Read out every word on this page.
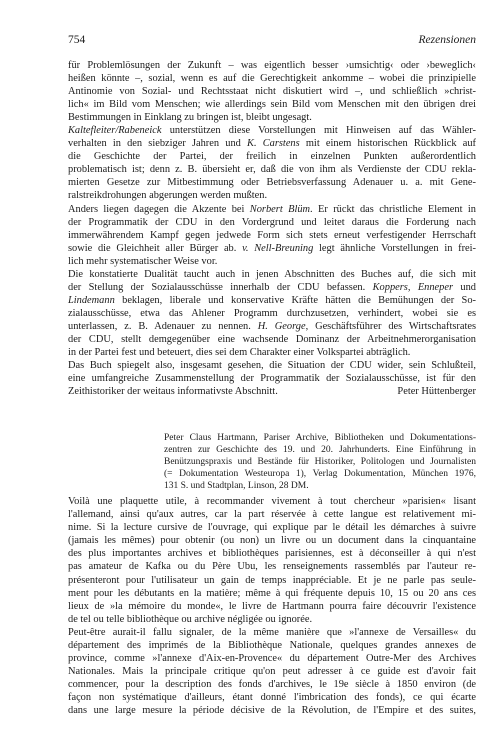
754	Rezensionen

für Problemlösungen der Zukunft – was eigentlich besser ›umsichtig‹ oder ›beweglich‹
heißen könnte –, sozial, wenn es auf die Gerechtigkeit ankomme – wobei die prinzipielle
Antinomie von Sozial- und Rechtsstaat nicht diskutiert wird –, und schließlich »christ-
lich« im Bild vom Menschen; wie allerdings sein Bild vom Menschen mit den übrigen drei
Bestimmungen in Einklang zu bringen ist, bleibt ungesagt.

Kaltefleiter/Rabeneick unterstützen diese Vorstellungen mit Hinweisen auf das Wähler-
verhalten in den siebziger Jahren und K. Carstens mit einem historischen Rückblick auf
die Geschichte der Partei, der freilich in einzelnen Punkten außerordentlich
problematisch ist; denn z. B. übersieht er, daß die von ihm als Verdienste der CDU rekla-
mierten Gesetze zur Mitbestimmung oder Betriebsverfassung Adenauer u. a. mit Gene-
ralstreikdrohungen abgerungen werden mußten.

Anders liegen dagegen die Akzente bei Norbert Blüm. Er rückt das christliche Element in
der Programmatik der CDU in den Vordergrund und leitet daraus die Forderung nach
immerwährendem Kampf gegen jedwede Form sich stets erneut verfestigender Herrschaft
sowie die Gleichheit aller Bürger ab. v. Nell-Breuning legt ähnliche Vorstellungen in frei-
lich mehr systematischer Weise vor.

Die konstatierte Dualität taucht auch in jenen Abschnitten des Buches auf, die sich mit
der Stellung der Sozialausschüsse innerhalb der CDU befassen. Koppers, Enneper und
Lindemann beklagen, liberale und konservative Kräfte hätten die Bemühungen der So-
zialausschüsse, etwa das Ahlener Programm durchzusetzen, verhindert, wobei sie es
unterlassen, z. B. Adenauer zu nennen. H. George, Geschäftsführer des Wirtschaftsrates
der CDU, stellt demgegenüber eine wachsende Dominanz der Arbeitnehmerorganisation
in der Partei fest und beteuert, dies sei dem Charakter einer Volkspartei abträglich.

Das Buch spiegelt also, insgesamt gesehen, die Situation der CDU wider, sein Schlußteil,
eine umfangreiche Zusammenstellung der Programmatik der Sozialausschüsse, ist für den
Zeithistoriker der weitaus informativste Abschnitt.	Peter Hüttenberger

Peter Claus Hartmann, Pariser Archive, Bibliotheken und Dokumentations-
zentren zur Geschichte des 19. und 20. Jahrhunderts. Eine Einführung in
Benützungspraxis und Bestände für Historiker, Politologen und Journalisten
(= Dokumentation Westeuropa 1), Verlag Dokumentation, München 1976,
131 S. und Stadtplan, Linson, 28 DM.

Voilà une plaquette utile, à recommander vivement à tout chercheur »parisien« lisant
l'allemand, ainsi qu'aux autres, car la part réservée à cette langue est relativement mi-
nime. Si la lecture cursive de l'ouvrage, qui explique par le détail les démarches à suivre
(jamais les mêmes) pour obtenir (ou non) un livre ou un document dans la cinquantaine
des plus importantes archives et bibliothèques parisiennes, est à déconseiller à qui n'est
pas amateur de Kafka ou du Père Ubu, les renseignements rassemblés par l'auteur re-
présenteront pour l'utilisateur un gain de temps inappréciable. Et je ne parle pas seule-
ment pour les débutants en la matière; même à qui fréquente depuis 10, 15 ou 20 ans ces
lieux de »la mémoire du monde«, le livre de Hartmann pourra faire découvrir l'existence
de tel ou telle bibliothèque ou archive négligée ou ignorée.

Peut-être aurait-il fallu signaler, de la même manière que »l'annexe de Versailles« du
département des imprimés de la Bibliothèque Nationale, quelques grandes annexes de
province, comme »l'annexe d'Aix-en-Provence« du département Outre-Mer des Archives
Nationales. Mais la principale critique qu'on peut adresser à ce guide est d'avoir fait
commencer, pour la description des fonds d'archives, le 19e siècle à 1850 environ (de
façon non systématique d'ailleurs, étant donné l'imbrication des fonds), ce qui écarte
dans une large mesure la période décisive de la Révolution, de l'Empire et des suites,
